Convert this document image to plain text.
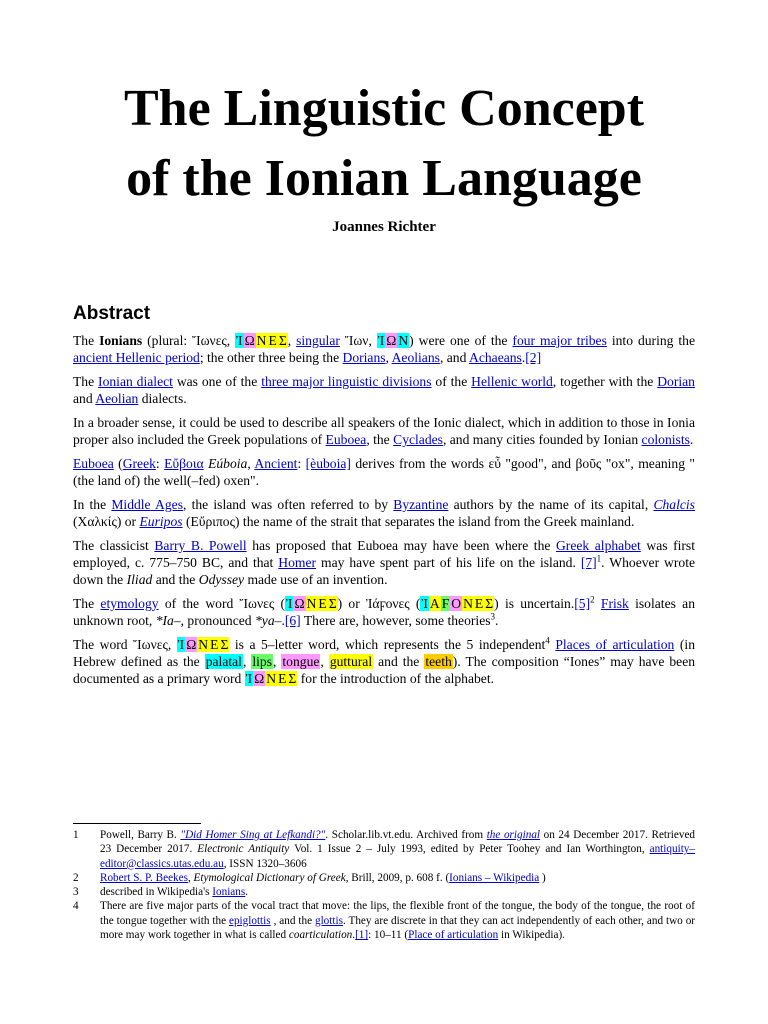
The Linguistic Concept
of the Ionian Language
Joannes Richter
Abstract

The Ionians (plural: Ἴωνες, Ἰ Ω Ν Ε Σ, singular Ἴων, Ἰ Ω Ν) were one of the four major tribes into during the ancient Hellenic period; the other three being the Dorians, Aeolians, and Achaeans.[2]

The Ionian dialect was one of the three major linguistic divisions of the Hellenic world, together with the Dorian and Aeolian dialects.

In a broader sense, it could be used to describe all speakers of the Ionic dialect, which in addition to those in Ionia proper also included the Greek populations of Euboea, the Cyclades, and many cities founded by Ionian colonists.

Euboea (Greek: Εὔβοια Eúboia, Ancient: [èuboia] derives from the words εὖ "good", and βοῦς "ox", meaning "(the land of) the well(–fed) oxen".

In the Middle Ages, the island was often referred to by Byzantine authors by the name of its capital, Chalcis (Χαλκίς) or Euripos (Εὔριπος) the name of the strait that separates the island from the Greek mainland.

The classicist Barry B. Powell has proposed that Euboea may have been where the Greek alphabet was first employed, c. 775–750 BC, and that Homer may have spent part of his life on the island. $[7]^1$. Whoever wrote down the Iliad and the Odyssey made use of an invention.

The etymology of the word Ἴωνες (Ἰ Ω Ν Ε Σ) or Ἰάϝονες (Ἰ Α Ϝ Ο Ν Ε Σ) is $uncertain.[5]^2$ Frisk isolates an unknown root, *Ia–, pronounced *ya–.[6] There are, however, some theories$^3$.

The word Ἴωνες, Ἰ Ω Ν Ε Σ is a 5–letter word, which represents the 5 independent$^4$ Places of articulation (in Hebrew defined as the palatal, lips, tongue, guttural and the teeth). The composition “Iones” may have been documented as a primary word Ἰ Ω Ν Ε Σ for the introduction of the alphabet.

1	Powell, Barry B. "Did Homer Sing at Lefkandi?". Scholar.lib.vt.edu. Archived from the original on 24 December 2017. Retrieved 23 December 2017. Electronic Antiquity Vol. 1 Issue 2 – July 1993, edited by Peter Toohey and Ian Worthington, antiquity–editor@classics.utas.edu.au, ISSN 1320–3606
2	Robert S. P. Beekes, Etymological Dictionary of Greek, Brill, 2009, p. 608 f. (Ionians – Wikipedia )
3	described in Wikipedia's Ionians.
4	There are five major parts of the vocal tract that move: the lips, the flexible front of the tongue, the body of the tongue, the root of the tongue together with the epiglottis , and the glottis. They are discrete in that they can act independently of each other, and two or more may work together in what is called coarticulation.[1]: 10–11 (Place of articulation in Wikipedia).
